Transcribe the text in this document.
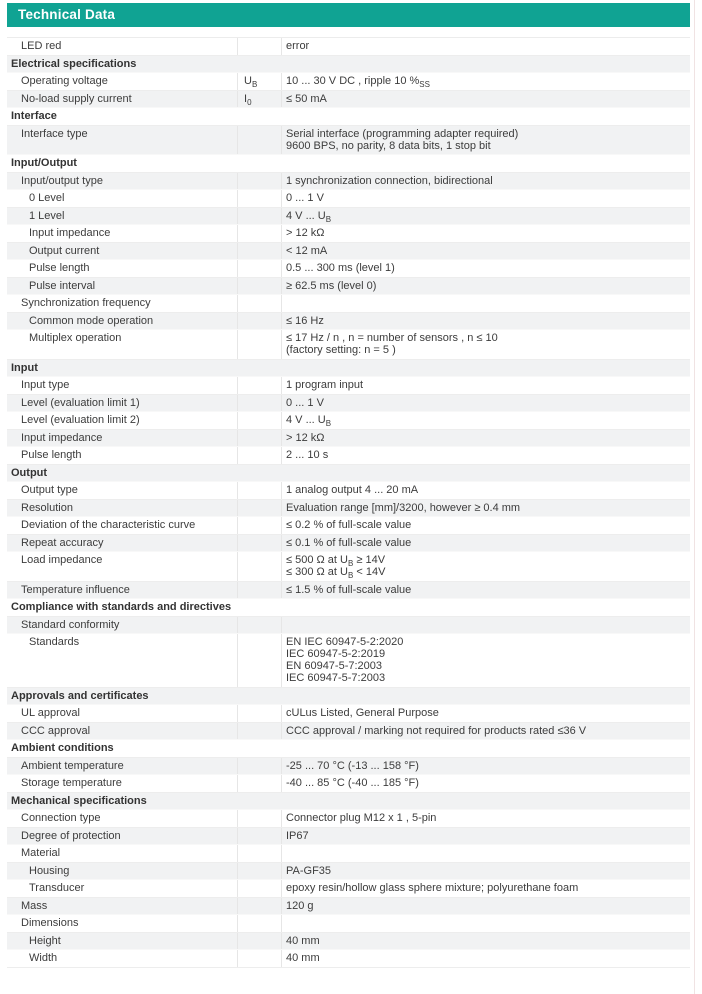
Technical Data
LED red	error
Electrical specifications
Operating voltage	$U_B$	10 ... 30 V DC , ripple 10 $\%_{SS}$
No-load supply current	$I_0$	≤ 50 mA
Interface
Interface type	Serial interface (programming adapter required)
9600 BPS, no parity, 8 data bits, 1 stop bit
Input/Output
Input/output type	1 synchronization connection, bidirectional
0 Level	0 ... 1 V
1 Level	4 V ... $U_B$
Input impedance	> 12 kΩ
Output current	< 12 mA
Pulse length	0.5 ... 300 ms (level 1)
Pulse interval	≥ 62.5 ms (level 0)
Synchronization frequency
Common mode operation	≤ 16 Hz
Multiplex operation	≤ 17 Hz / n , n = number of sensors , n ≤ 10
(factory setting: n = 5 )
Input
Input type	1 program input
Level (evaluation limit 1)	0 ... 1 V
Level (evaluation limit 2)	4 V ... $U_B$
Input impedance	> 12 kΩ
Pulse length	2 ... 10 s
Output
Output type	1 analog output 4 ... 20 mA
Resolution	Evaluation range [mm]/3200, however ≥ 0.4 mm
Deviation of the characteristic curve	≤ 0.2 % of full-scale value
Repeat accuracy	≤ 0.1 % of full-scale value
Load impedance	≤ 500 Ω at $U_B \ge 14V$
≤ 300 Ω at $U_B < 14V$
Temperature influence	≤ 1.5 % of full-scale value
Compliance with standards and directives
Standard conformity
Standards	EN IEC 60947-5-2:2020
IEC 60947-5-2:2019
EN 60947-5-7:2003
IEC 60947-5-7:2003
Approvals and certificates
UL approval	cULus Listed, General Purpose
CCC approval	CCC approval / marking not required for products rated ≤36 V
Ambient conditions
Ambient temperature	-25 ... 70 °C (-13 ... 158 °F)
Storage temperature	-40 ... 85 °C (-40 ... 185 °F)
Mechanical specifications
Connection type	Connector plug M12 x 1 , 5-pin
Degree of protection	IP67
Material
Housing	PA-GF35
Transducer	epoxy resin/hollow glass sphere mixture; polyurethane foam
Mass	120 g
Dimensions
Height	40 mm
Width	40 mm
